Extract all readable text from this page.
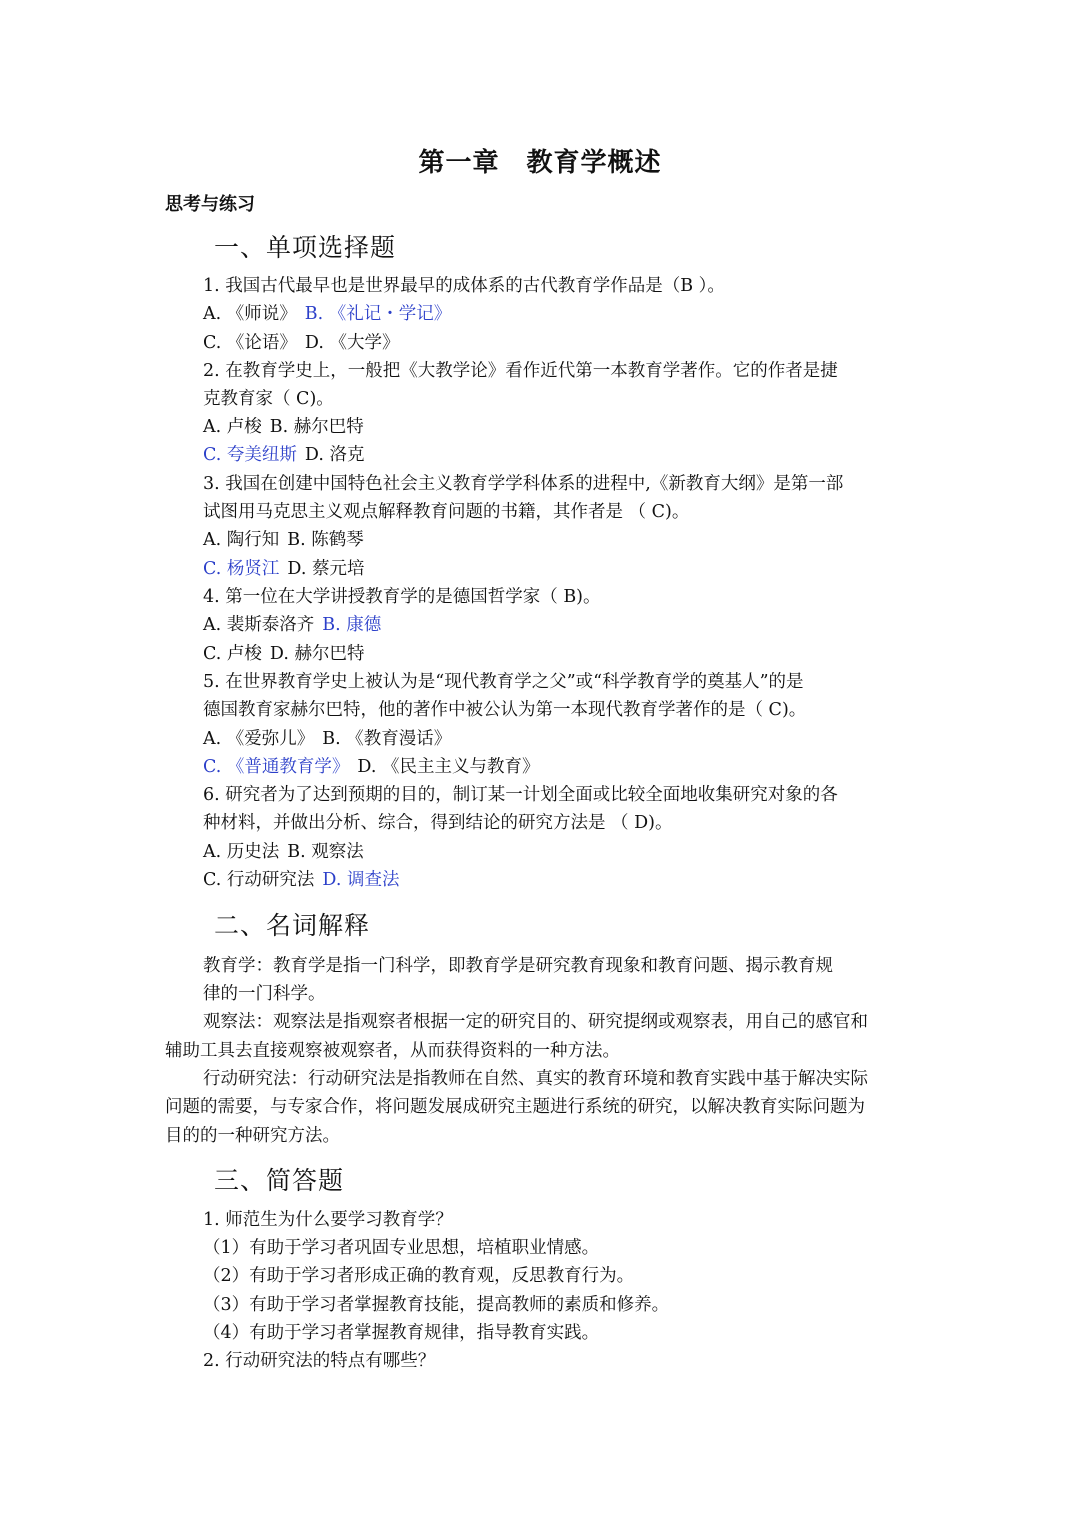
第一章　教育学概述
思考与练习
一、单项选择题
1. 我国古代最早也是世界最早的成体系的古代教育学作品是（B ）。
A. 《师说》 B. 《礼记・学记》
C. 《论语》 D. 《大学》
2. 在教育学史上，一般把《大教学论》看作近代第一本教育学著作。它的作者是捷
克教育家（ C)。
A. 卢梭 B. 赫尔巴特
C. 夸美纽斯 D. 洛克
3. 我国在创建中国特色社会主义教育学学科体系的进程中,《新教育大纲》是第一部
试图用马克思主义观点解释教育问题的书籍，其作者是 （ C)。
A. 陶行知 B. 陈鹤琴
C. 杨贤江 D. 蔡元培
4. 第一位在大学讲授教育学的是德国哲学家（ B)。
A. 裴斯泰洛齐 B. 康德
C. 卢梭 D. 赫尔巴特
5. 在世界教育学史上被认为是“现代教育学之父”或“科学教育学的奠基人”的是
德国教育家赫尔巴特，他的著作中被公认为第一本现代教育学著作的是（ C)。
A. 《爱弥儿》 B. 《教育漫话》
C. 《普通教育学》 D. 《民主主义与教育》
6. 研究者为了达到预期的目的，制订某一计划全面或比较全面地收集研究对象的各
种材料，并做出分析、综合，得到结论的研究方法是 （ D)。
A. 历史法 B. 观察法
C. 行动研究法 D. 调查法
二、名词解释
教育学：教育学是指一门科学，即教育学是研究教育现象和教育问题、揭示教育规
律的一门科学。
观察法：观察法是指观察者根据一定的研究目的、研究提纲或观察表，用自己的感官和
辅助工具去直接观察被观察者，从而获得资料的一种方法。
行动研究法：行动研究法是指教师在自然、真实的教育环境和教育实践中基于解决实际
问题的需要，与专家合作，将问题发展成研究主题进行系统的研究，以解决教育实际问题为
目的的一种研究方法。
三、简答题
1. 师范生为什么要学习教育学？
（1）有助于学习者巩固专业思想，培植职业情感。
（2）有助于学习者形成正确的教育观，反思教育行为。
（3）有助于学习者掌握教育技能，提高教师的素质和修养。
（4）有助于学习者掌握教育规律，指导教育实践。
2. 行动研究法的特点有哪些？
